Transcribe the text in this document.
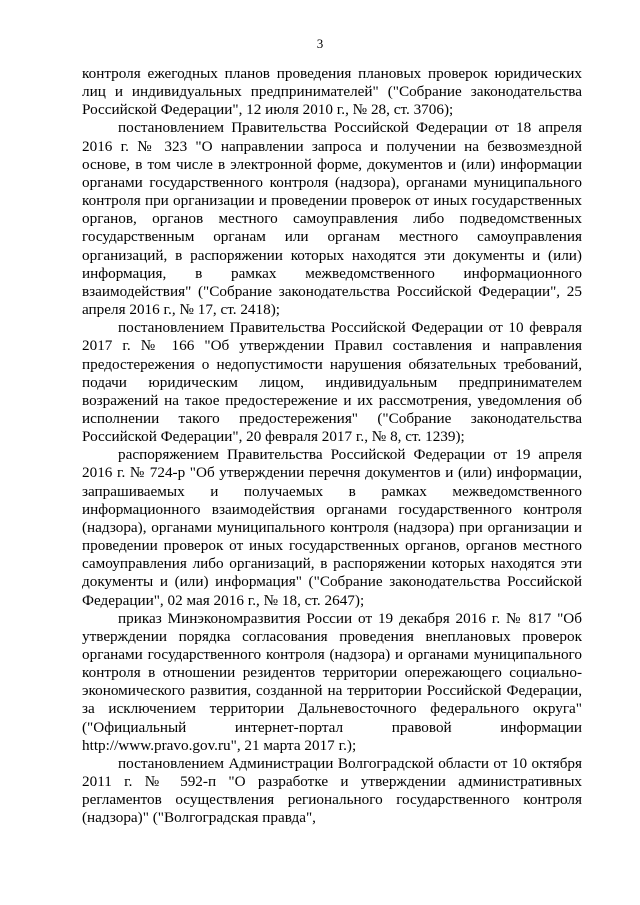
3

контроля ежегодных планов проведения плановых проверок юридических лиц и индивидуальных предпринимателей" ("Собрание законодательства Российской Федерации", 12 июля 2010 г., № 28, ст. 3706);

постановлением Правительства Российской Федерации от 18 апреля 2016 г. № 323 "О направлении запроса и получении на безвозмездной основе, в том числе в электронной форме, документов и (или) информации органами государственного контроля (надзора), органами муниципального контроля при организации и проведении проверок от иных государственных органов, органов местного самоуправления либо подведомственных государственным органам или органам местного самоуправления организаций, в распоряжении которых находятся эти документы и (или) информация, в рамках межведомственного информационного взаимодействия" ("Собрание законодательства Российской Федерации", 25 апреля 2016 г., № 17, ст. 2418);

постановлением Правительства Российской Федерации от 10 февраля 2017 г. № 166 "Об утверждении Правил составления и направления предостережения о недопустимости нарушения обязательных требований, подачи юридическим лицом, индивидуальным предпринимателем возражений на такое предостережение и их рассмотрения, уведомления об исполнении такого предостережения" ("Собрание законодательства Российской Федерации", 20 февраля 2017 г., № 8, ст. 1239);

распоряжением Правительства Российской Федерации от 19 апреля 2016 г. № 724-р "Об утверждении перечня документов и (или) информации, запрашиваемых и получаемых в рамках межведомственного информационного взаимодействия органами государственного контроля (надзора), органами муниципального контроля (надзора) при организации и проведении проверок от иных государственных органов, органов местного самоуправления либо организаций, в распоряжении которых находятся эти документы и (или) информация" ("Собрание законодательства Российской Федерации", 02 мая 2016 г., № 18, ст. 2647);

приказ Минэкономразвития России от 19 декабря 2016 г. № 817 "Об утверждении порядка согласования проведения внеплановых проверок органами государственного контроля (надзора) и органами муниципального контроля в отношении резидентов территории опережающего социально-экономического развития, созданной на территории Российской Федерации, за исключением территории Дальневосточного федерального округа" ("Официальный интернет-портал правовой информации http://www.pravo.gov.ru", 21 марта 2017 г.);

постановлением Администрации Волгоградской области от 10 октября 2011 г. № 592-п "О разработке и утверждении административных регламентов осуществления регионального государственного контроля (надзора)" ("Волгоградская правда",
